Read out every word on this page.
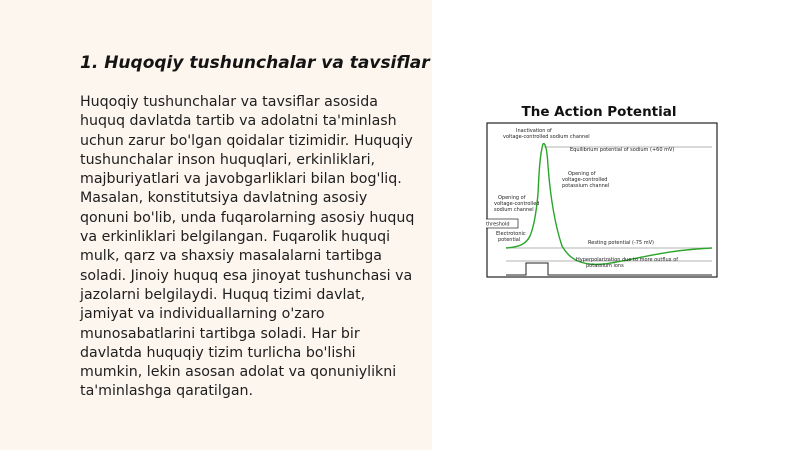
1. Huqoqiy tushunchalar va tavsiflar

Huqoqiy tushunchalar va tavsiflar asosida huquq davlatda tartib va adolatni ta'minlash uchun zarur bo'lgan qoidalar tizimidir. Huquqiy tushunchalar inson huquqlari, erkinliklari, majburiyatlari va javobgarliklari bilan bog'liq. Masalan, konstitutsiya davlatning asosiy qonuni bo'lib, unda fuqarolarning asosiy huquq va erkinliklari belgilangan. Fuqarolik huquqi mulk, qarz va shaxsiy masalalarni tartibga soladi. Jinoiy huquq esa jinoyat tushunchasi va jazolarni belgilaydi. Huquq tizimi davlat, jamiyat va individuallarning o'zaro munosabatlarini tartibga soladi. Har bir davlatda huquqiy tizim turlicha bo'lishi mumkin, lekin asosan adolat va qonuniylikni ta'minlashga qaratilgan.

The Action Potential
Inactivation of voltage-controlled sodium channel Equilibrium potential of sodium (+60 mV) Opening of voltage-controlled potassium channel Opening of voltage-controlled sodium channel threshold Electrotonic potential	Resting potential (-75 mV) Hyperpolarization due to more outflux of potassium ions
